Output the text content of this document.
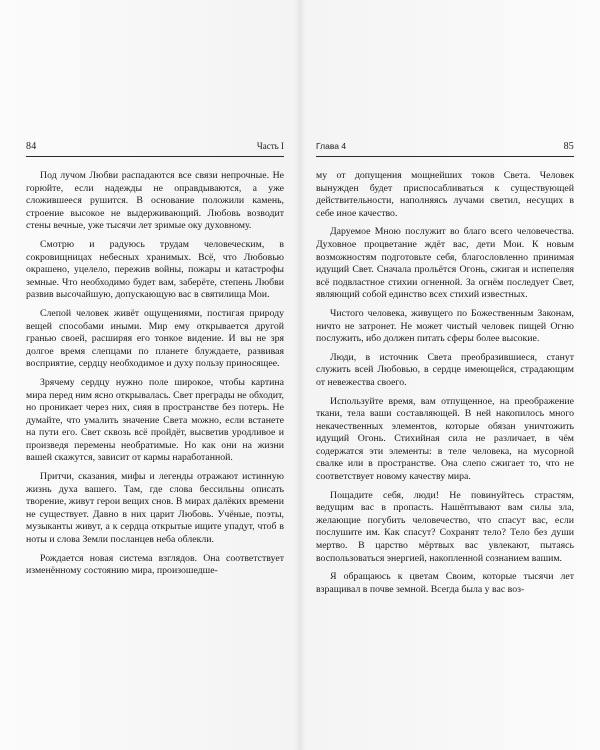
84	Часть I

Под лучом Любви распадаются все связи непрочные. Не горюйте, если надежды не оправдываются, а уже сложившееся рушится. В основание положили камень, строение высокое не выдерживающий. Любовь возводит стены вечные, уже тысячи лет зримые оку духовному.

Смотрю и радуюсь трудам человеческим, в сокровищницах небесных хранимых. Всё, что Любовью окрашено, уцелело, пережив войны, пожары и катастрофы земные. Что необходимо будет вам, заберёте, степень Любви развив высочайшую, допускающую вас в святилища Мои.

Слепой человек живёт ощущениями, постигая природу вещей способами иными. Мир ему открывается другой гранью своей, расширяя его тонкое видение. И вы не зря долгое время слепцами по планете блуждаете, развивая восприятие, сердцу необходимое и духу пользу приносящее.

Зрячему сердцу нужно поле широкое, чтобы картина мира перед ним ясно открывалась. Свет преграды не обходит, но проникает через них, сияя в пространстве без потерь. Не думайте, что умалить значение Света можно, если встанете на пути его. Свет сквозь всё пройдёт, высветив уродливое и произведя перемены необратимые. Но как они на жизни вашей скажутся, зависит от кармы наработанной.

Притчи, сказания, мифы и легенды отражают истинную жизнь духа вашего. Там, где слова бессильны описать творение, живут герои вещих снов. В мирах далёких времени не существует. Давно в них царит Любовь. Учёные, поэты, музыканты живут, а к сердца открытые ищите упадут, чтоб в ноты и слова Земли посланцев неба облекли.

Рождается новая система взглядов. Она соответствует изменённому состоянию мира, произошедше-

Глава 4	85

му от допущения мощнейших токов Света. Человек вынужден будет приспосабливаться к существующей действительности, наполняясь лучами светил, несущих в себе иное качество.

Даруемое Мною послужит во благо всего человечества. Духовное процветание ждёт вас, дети Мои. К новым возможностям подготовьте себя, благословленно принимая идущий Свет. Сначала прольётся Огонь, сжигая и испепеляя всё подвластное стихии огненной. За огнём последует Свет, являющий собой единство всех стихий известных.

Чистого человека, живущего по Божественным Законам, ничто не затронет. Не может чистый человек пищей Огню послужить, ибо должен питать сферы более высокие.

Люди, в источник Света преобразившиеся, станут служить всей Любовью, в сердце имеющейся, страдающим от невежества своего.

Используйте время, вам отпущенное, на преображение ткани, тела ваши составляющей. В ней накопилось много некачественных элементов, которые обязан уничтожить идущий Огонь. Стихийная сила не различает, в чём содержатся эти элементы: в теле человека, на мусорной свалке или в пространстве. Она слепо сжигает то, что не соответствует новому качеству мира.

Пощадите себя, люди! Не повинуйтесь страстям, ведущим вас в пропасть. Нашёптывают вам силы зла, желающие погубить человечество, что спасут вас, если послушите им. Как спасут? Сохранят тело? Тело без души мертво. В царство мёртвых вас увлекают, пытаясь воспользоваться энергией, накопленной сознанием вашим.

Я обращаюсь к цветам Своим, которые тысячи лет взращивал в почве земной. Всегда была у вас воз-
